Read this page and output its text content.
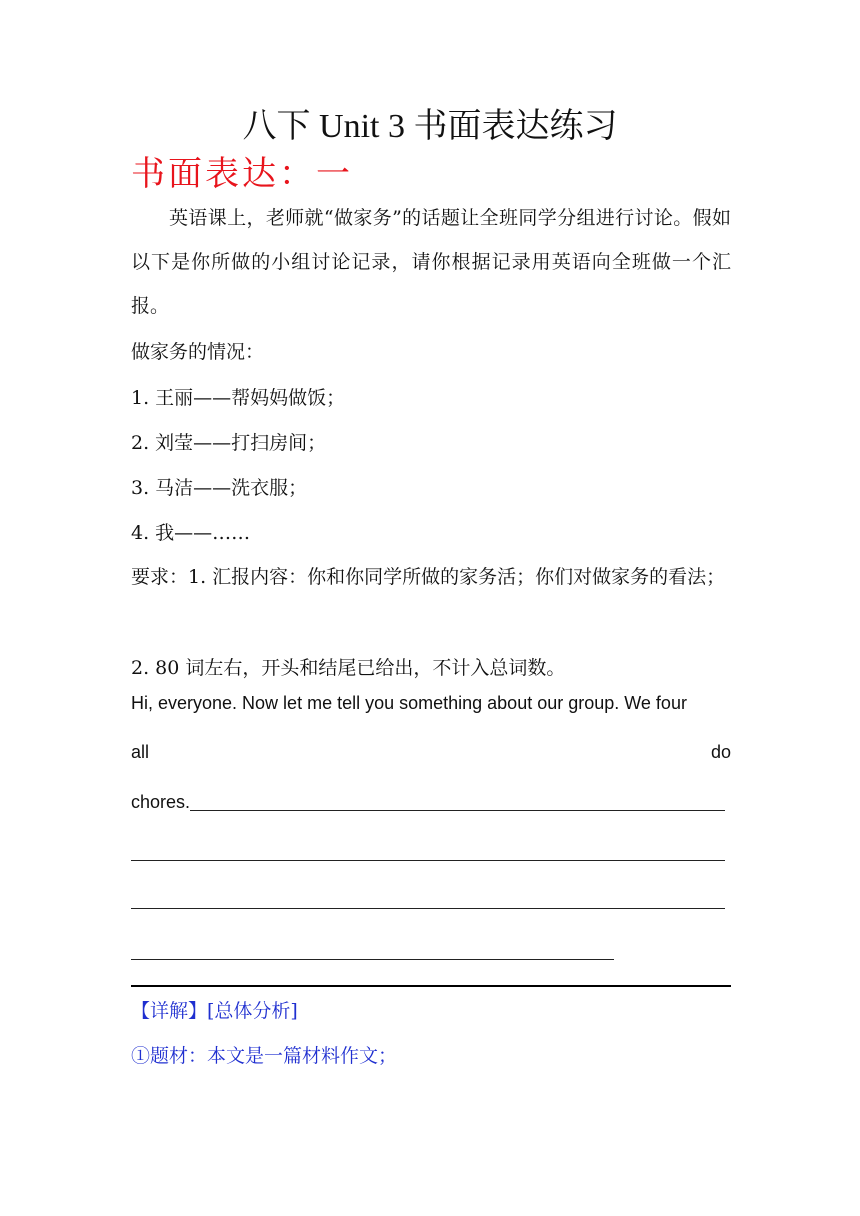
八下 Unit 3 书面表达练习
书面表达：一
英语课上，老师就“做家务”的话题让全班同学分组进行讨论。假如以下是你所做的小组讨论记录，请你根据记录用英语向全班做一个汇报。
做家务的情况：
1. 王丽——帮妈妈做饭；
2. 刘莹——打扫房间；
3. 马洁——洗衣服；
4. 我——……
要求：1. 汇报内容：你和你同学所做的家务活；你们对做家务的看法；
2. 80 词左右，开头和结尾已给出，不计入总词数。
Hi, everyone. Now let me tell you something about our group. We four
all	do
chores.
【详解】[总体分析]
①题材：本文是一篇材料作文；
